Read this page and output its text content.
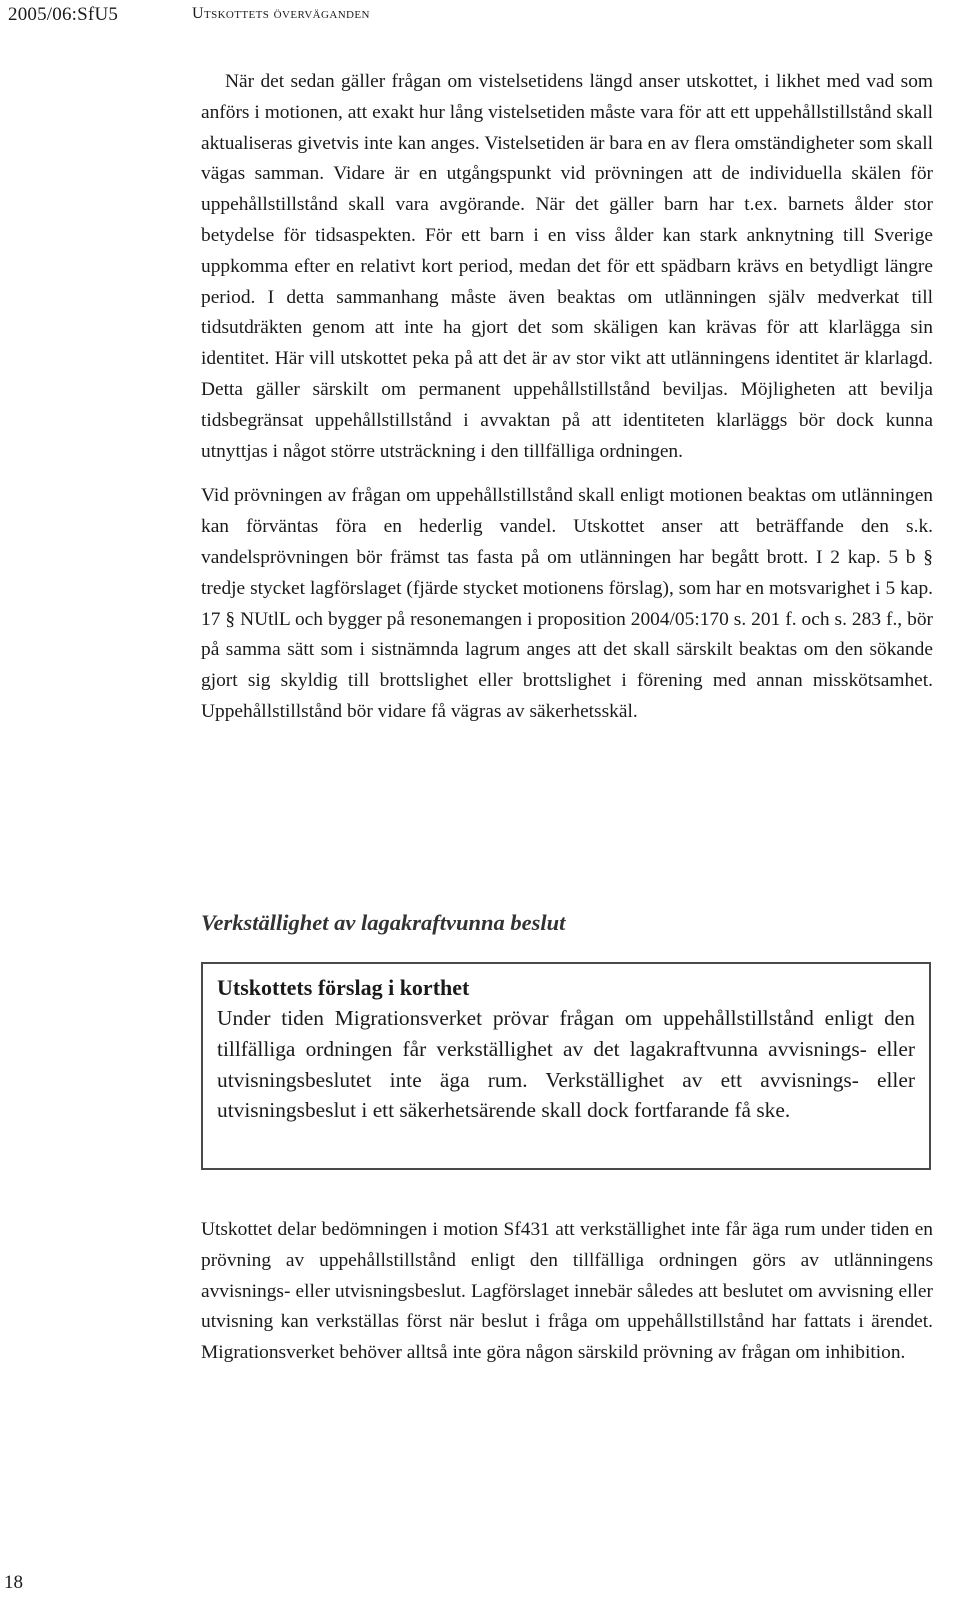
2005/06:SfU5	Utskottets överväganden

När det sedan gäller frågan om vistelsetidens längd anser utskottet, i likhet med vad som anförs i motionen, att exakt hur lång vistelsetiden måste vara för att ett uppehållstillstånd skall aktualiseras givetvis inte kan anges. Vistelsetiden är bara en av flera omständigheter som skall vägas samman. Vidare är en utgångspunkt vid prövningen att de individuella skälen för uppehållstillstånd skall vara avgörande. När det gäller barn har t.ex. barnets ålder stor betydelse för tidsaspekten. För ett barn i en viss ålder kan stark anknytning till Sverige uppkomma efter en relativt kort period, medan det för ett spädbarn krävs en betydligt längre period. I detta sammanhang måste även beaktas om utlänningen själv medverkat till tidsutdräkten genom att inte ha gjort det som skäligen kan krävas för att klarlägga sin identitet. Här vill utskottet peka på att det är av stor vikt att utlänningens identitet är klarlagd. Detta gäller särskilt om permanent uppehållstillstånd beviljas. Möjligheten att bevilja tidsbegränsat uppehållstillstånd i avvaktan på att identiteten klarläggs bör dock kunna utnyttjas i något större utsträckning i den tillfälliga ordningen.

Vid prövningen av frågan om uppehållstillstånd skall enligt motionen beaktas om utlänningen kan förväntas föra en hederlig vandel. Utskottet anser att beträffande den s.k. vandelsprövningen bör främst tas fasta på om utlänningen har begått brott. I 2 kap. 5 b § tredje stycket lagförslaget (fjärde stycket motionens förslag), som har en motsvarighet i 5 kap. 17 § NUtlL och bygger på resonemangen i proposition 2004/05:170 s. 201 f. och s. 283 f., bör på samma sätt som i sistnämnda lagrum anges att det skall särskilt beaktas om den sökande gjort sig skyldig till brottslighet eller brottslighet i förening med annan misskötsamhet. Uppehållstillstånd bör vidare få vägras av säkerhetsskäl.

Verkställighet av lagakraftvunna beslut

Utskottets förslag i korthet

Under tiden Migrationsverket prövar frågan om uppehållstillstånd enligt den tillfälliga ordningen får verkställighet av det lagakraftvunna avvisnings- eller utvisningsbeslutet inte äga rum. Verkställighet av ett avvisnings- eller utvisningsbeslut i ett säkerhetsärende skall dock fortfarande få ske.

Utskottet delar bedömningen i motion Sf431 att verkställighet inte får äga rum under tiden en prövning av uppehållstillstånd enligt den tillfälliga ordningen görs av utlänningens avvisnings- eller utvisningsbeslut. Lagförslaget innebär således att beslutet om avvisning eller utvisning kan verkställas först när beslut i fråga om uppehållstillstånd har fattats i ärendet. Migrationsverket behöver alltså inte göra någon särskild prövning av frågan om inhibition.

18
